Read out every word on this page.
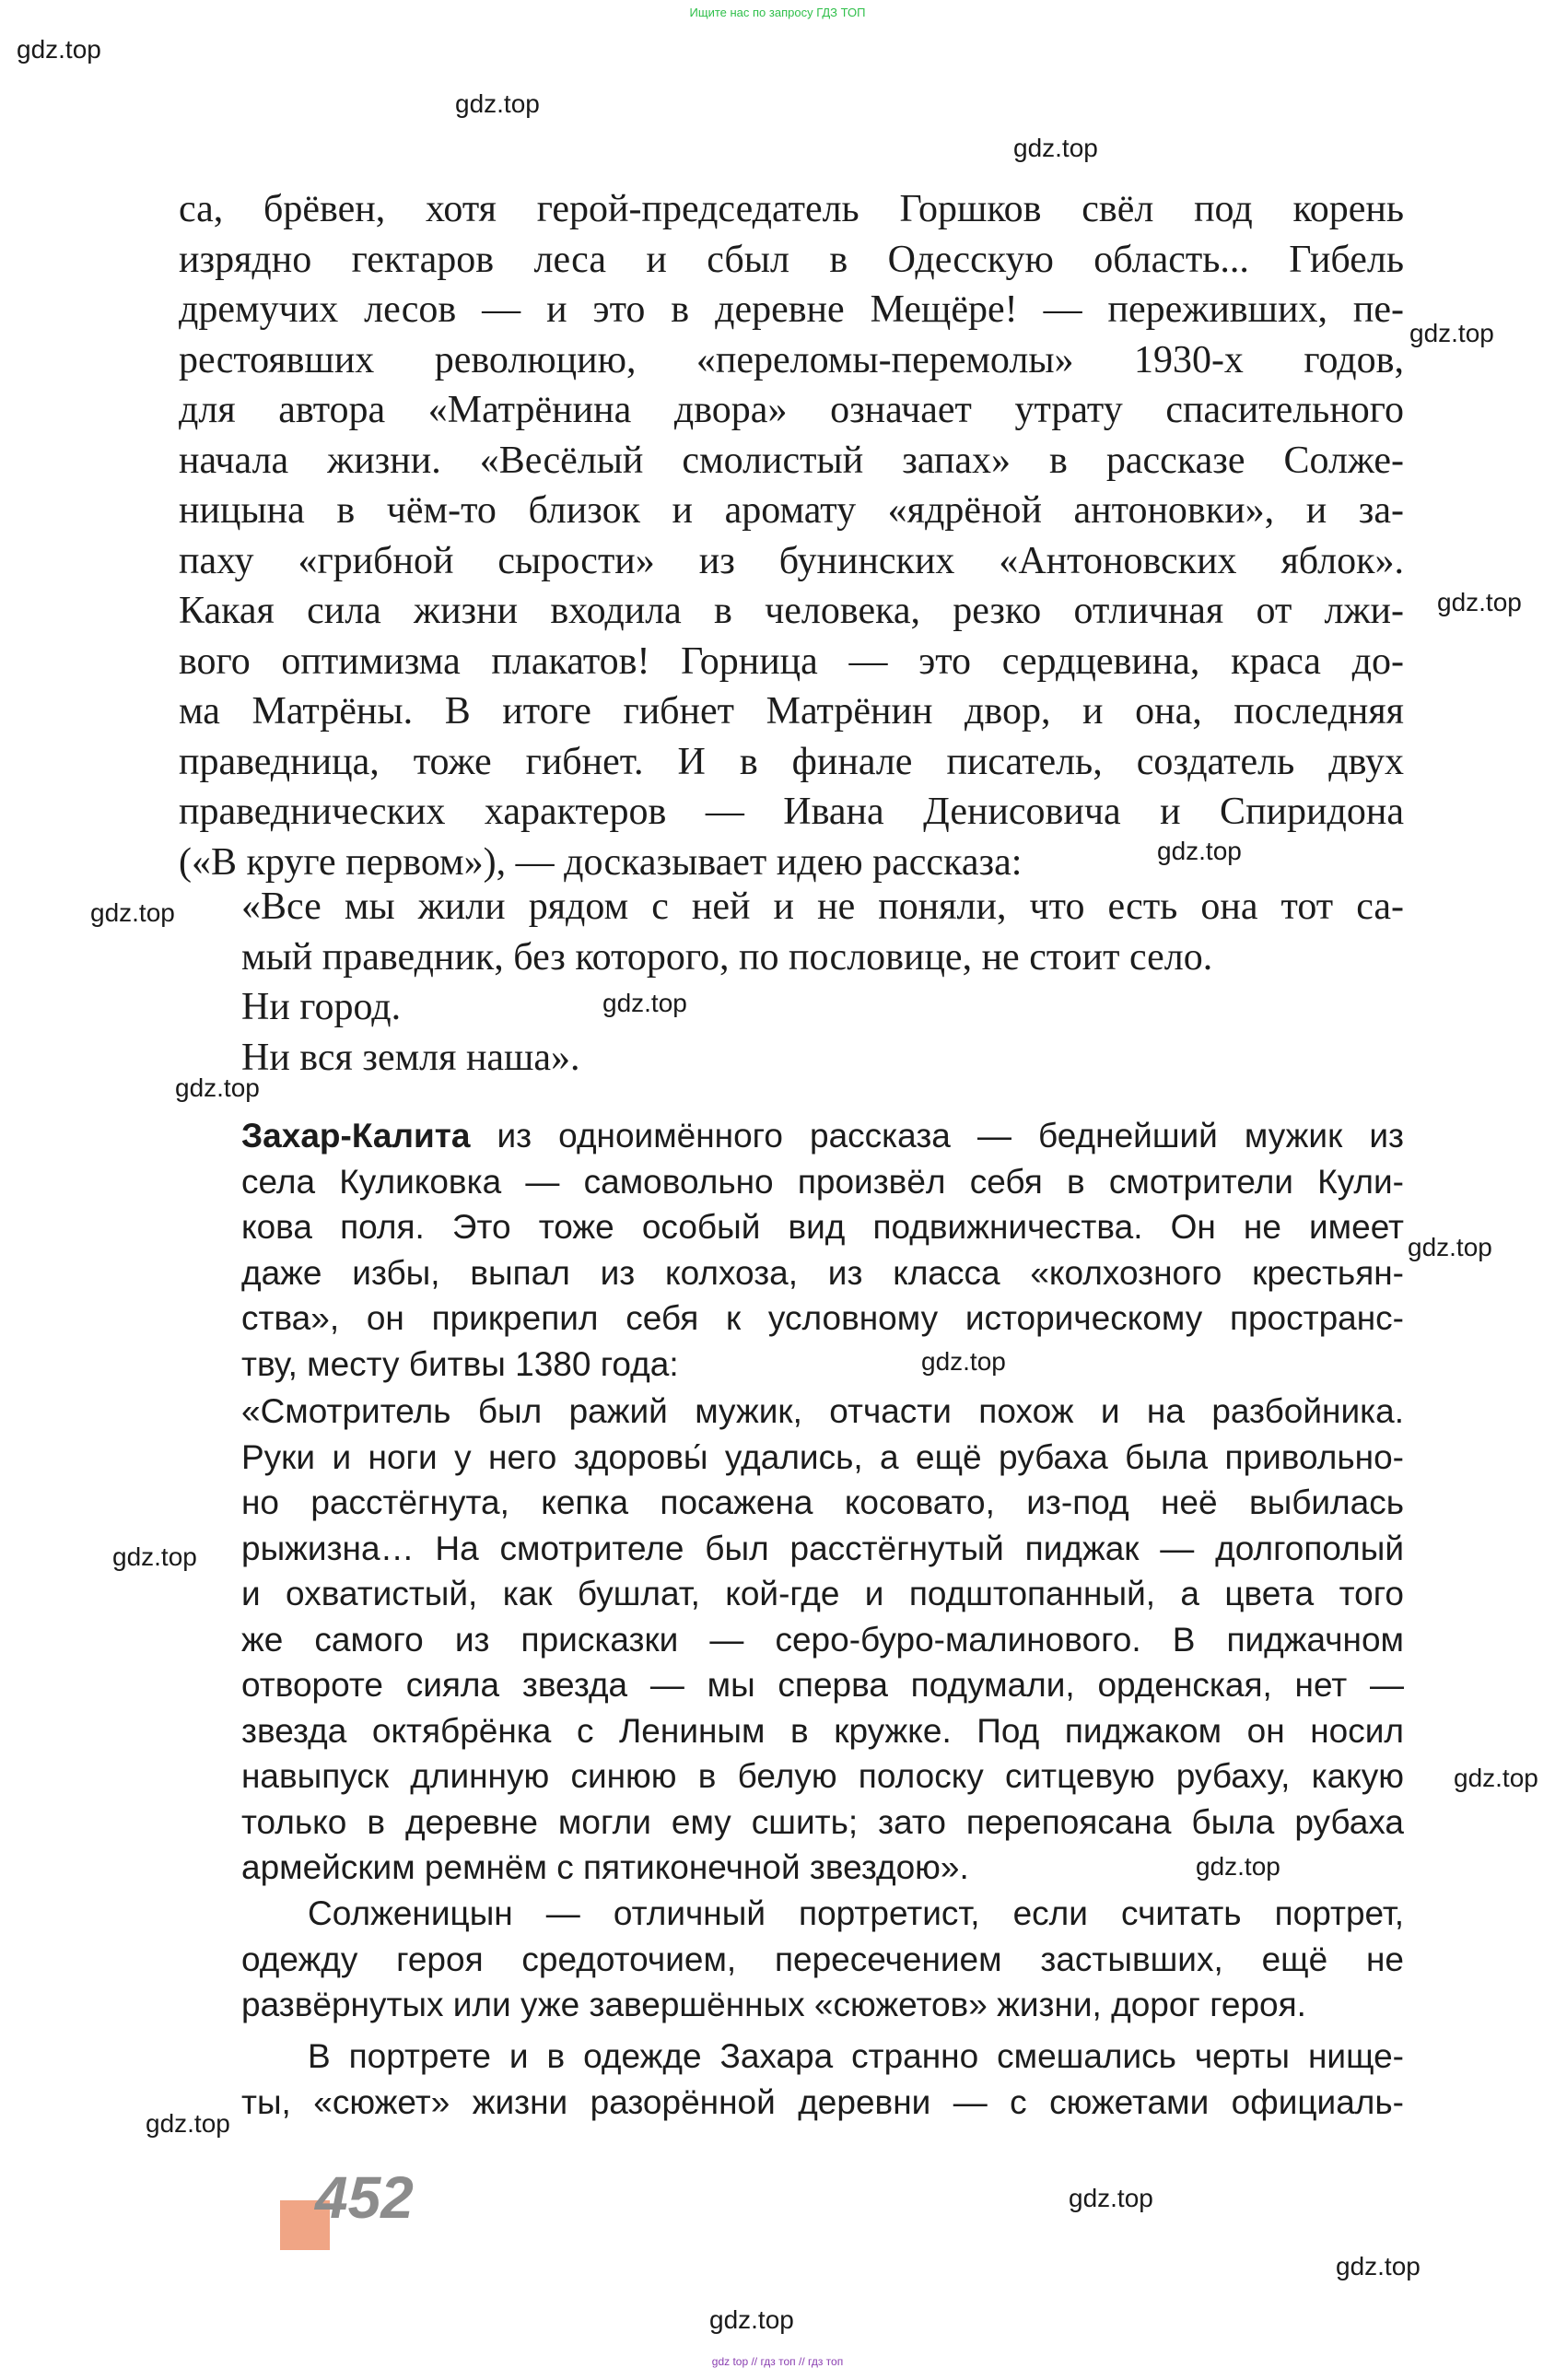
Ищите нас по запросу ГДЗ ТОП
gdz top // гдз топ // гдз топ
gdz.top
gdz.top
gdz.top
gdz.top
gdz.top
gdz.top
gdz.top
gdz.top
gdz.top
gdz.top
gdz.top
gdz.top
gdz.top
gdz.top
gdz.top
gdz.top
gdz.top
gdz.top
са, брёвен, хотя герой-председатель Горшков свёл под корень
изрядно гектаров леса и сбыл в Одесскую область... Гибель
дремучих лесов — и это в деревне Мещёре! — переживших, пе-
рестоявших революцию, «переломы-перемолы» 1930-х годов,
для автора «Матрёнина двора» означает утрату спасительного
начала жизни. «Весёлый смолистый запах» в рассказе Солже-
ницына в чём-то близок и аромату «ядрёной антоновки», и за-
паху «грибной сырости» из бунинских «Антоновских яблок».
Какая сила жизни входила в человека, резко отличная от лжи-
вого оптимизма плакатов! Горница — это сердцевина, краса до-
ма Матрёны. В итоге гибнет Матрёнин двор, и она, последняя
праведница, тоже гибнет. И в финале писатель, создатель двух
праведнических характеров — Ивана Денисовича и Спиридона
(«В круге первом»), — досказывает идею рассказа:
«Все мы жили рядом с ней и не поняли, что есть она тот са-
мый праведник, без которого, по пословице, не стоит село.
Ни город.
Ни вся земля наша».
Захар-Калита из одноимённого рассказа — беднейший мужик из
села Куликовка — самовольно произвёл себя в смотрители Кули-
кова поля. Это тоже особый вид подвижничества. Он не имеет
даже избы, выпал из колхоза, из класса «колхозного крестьян-
ства», он прикрепил себя к условному историческому пространс-
тву, месту битвы 1380 года:
«Смотритель был ражий мужик, отчасти похож и на разбойника.
Руки и ноги у него здоровы́ удались, а ещё рубаха была привольно-
но расстёгнута, кепка посажена косовато, из-под неё выбилась
рыжизна… На смотрителе был расстёгнутый пиджак — долгополый
и охватистый, как бушлат, кой-где и подштопанный, а цвета того
же самого из присказки — серо-буро-малинового. В пиджачном
отвороте сияла звезда — мы сперва подумали, орденская, нет —
звезда октябрёнка с Лениным в кружке. Под пиджаком он носил
навыпуск длинную синюю в белую полоску ситцевую рубаху, какую
только в деревне могли ему сшить; зато перепоясана была рубаха
армейским ремнём с пятиконечной звездою».
Солженицын — отличный портретист, если считать портрет,
одежду героя средоточием, пересечением застывших, ещё не
развёрнутых или уже завершённых «сюжетов» жизни, дорог героя.
В портрете и в одежде Захара странно смешались черты нище-
ты, «сюжет» жизни разорённой деревни — с сюжетами официаль-
452
